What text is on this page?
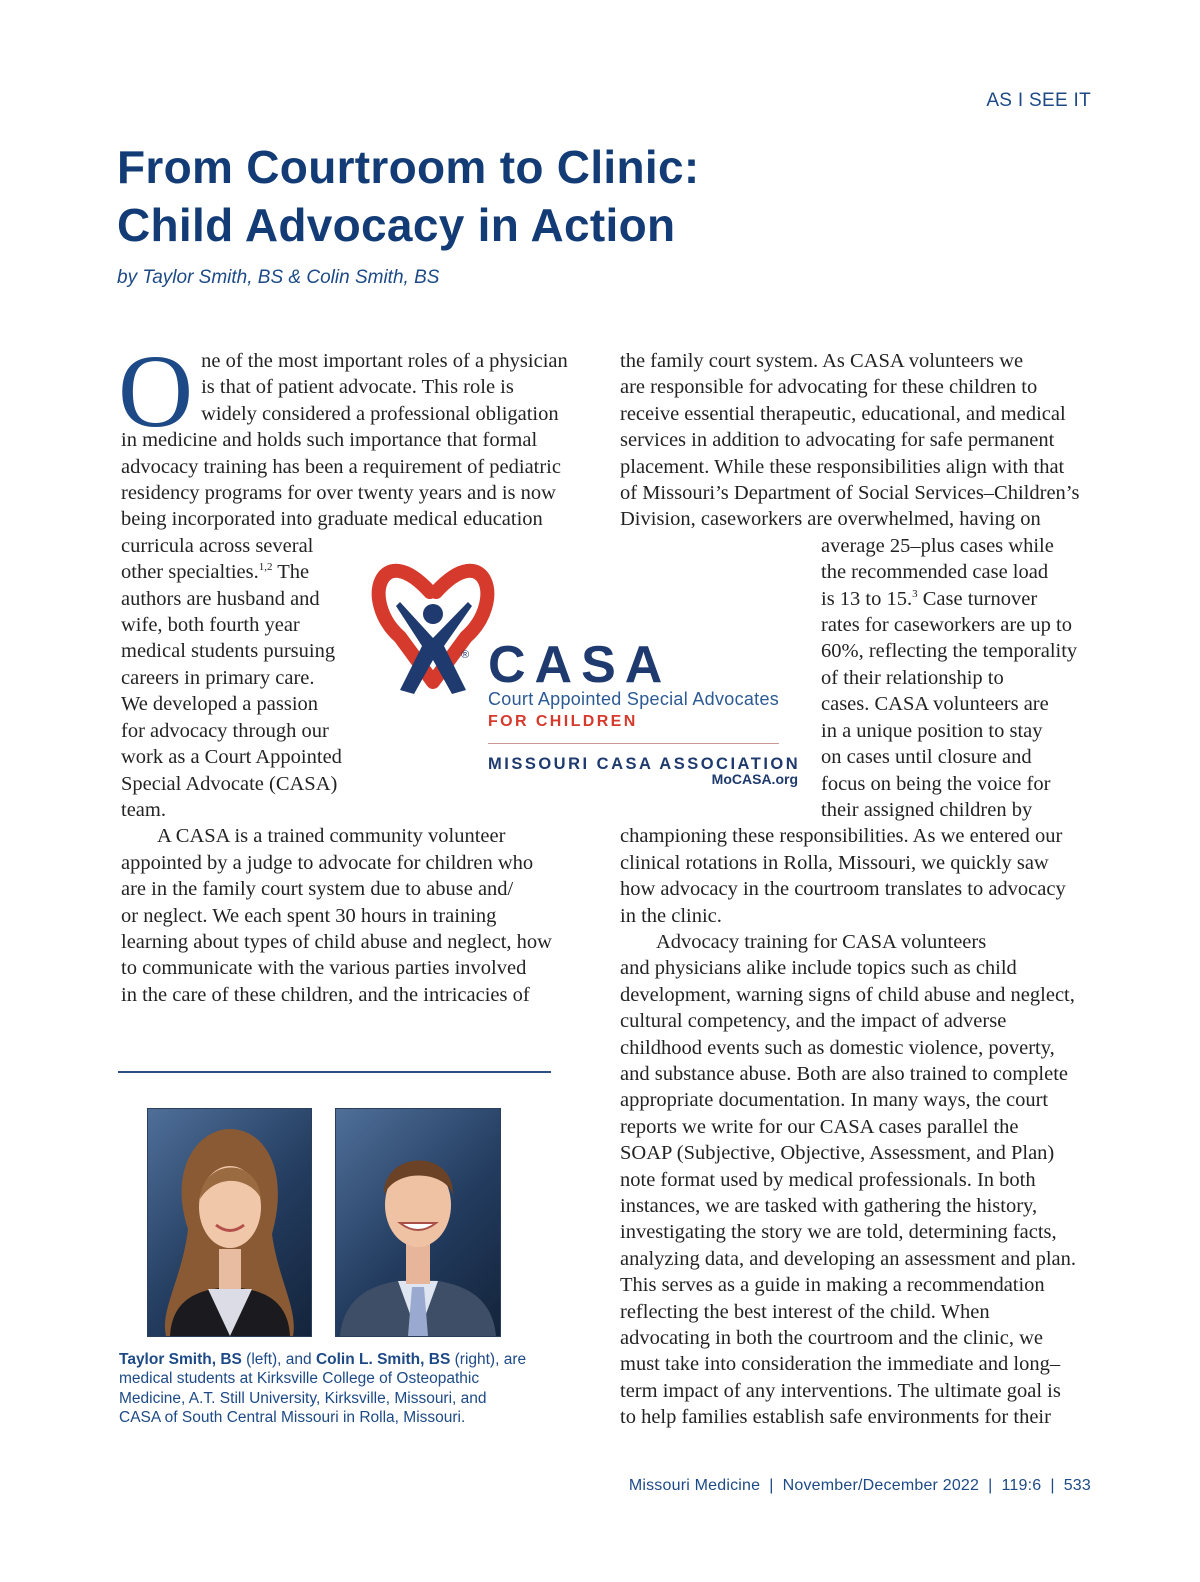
AS I SEE IT
From Courtroom to Clinic:
Child Advocacy in Action
by Taylor Smith, BS & Colin Smith, BS

One of the most important roles of a physician
is that of patient advocate. This role is
widely considered a professional obligation
in medicine and holds such importance that formal
advocacy training has been a requirement of pediatric
residency programs for over twenty years and is now
being incorporated into graduate medical education
curricula across several
other specialties.$^{1,2}$ The
authors are husband and
wife, both fourth year
medical students pursuing
careers in primary care.
We developed a passion
for advocacy through our
work as a Court Appointed
Special Advocate (CASA)
team.

A CASA is a trained community volunteer
appointed by a judge to advocate for children who
are in the family court system due to abuse and/
or neglect. We each spent 30 hours in training
learning about types of child abuse and neglect, how
to communicate with the various parties involved
in the care of these children, and the intricacies of

the family court system. As CASA volunteers we
are responsible for advocating for these children to
receive essential therapeutic, educational, and medical
services in addition to advocating for safe permanent
placement. While these responsibilities align with that
of Missouri’s Department of Social Services–Children’s
Division, caseworkers are overwhelmed, having on
average 25–plus cases while
the recommended case load
is 13 to 15.$^3$ Case turnover
rates for caseworkers are up to
60%, reflecting the temporality
of their relationship to
cases. CASA volunteers are
in a unique position to stay
on cases until closure and
focus on being the voice for
their assigned children by
championing these responsibilities. As we entered our
clinical rotations in Rolla, Missouri, we quickly saw
how advocacy in the courtroom translates to advocacy
in the clinic.

Advocacy training for CASA volunteers
and physicians alike include topics such as child
development, warning signs of child abuse and neglect,
cultural competency, and the impact of adverse
childhood events such as domestic violence, poverty,
and substance abuse. Both are also trained to complete
appropriate documentation. In many ways, the court
reports we write for our CASA cases parallel the
SOAP (Subjective, Objective, Assessment, and Plan)
note format used by medical professionals. In both
instances, we are tasked with gathering the history,
investigating the story we are told, determining facts,
analyzing data, and developing an assessment and plan.
This serves as a guide in making a recommendation
reflecting the best interest of the child. When
advocating in both the courtroom and the clinic, we
must take into consideration the immediate and long–
term impact of any interventions. The ultimate goal is
to help families establish safe environments for their

® CASA
Court Appointed Special Advocates
FOR CHILDREN
MISSOURI CASA ASSOCIATION
MoCASA.org
Taylor Smith, BS (left), and Colin L. Smith, BS (right), are
medical students at Kirksville College of Osteopathic
Medicine, A.T. Still University, Kirksville, Missouri, and
CASA of South Central Missouri in Rolla, Missouri.
Missouri Medicine | November/December 2022 | 119:6 | 533
